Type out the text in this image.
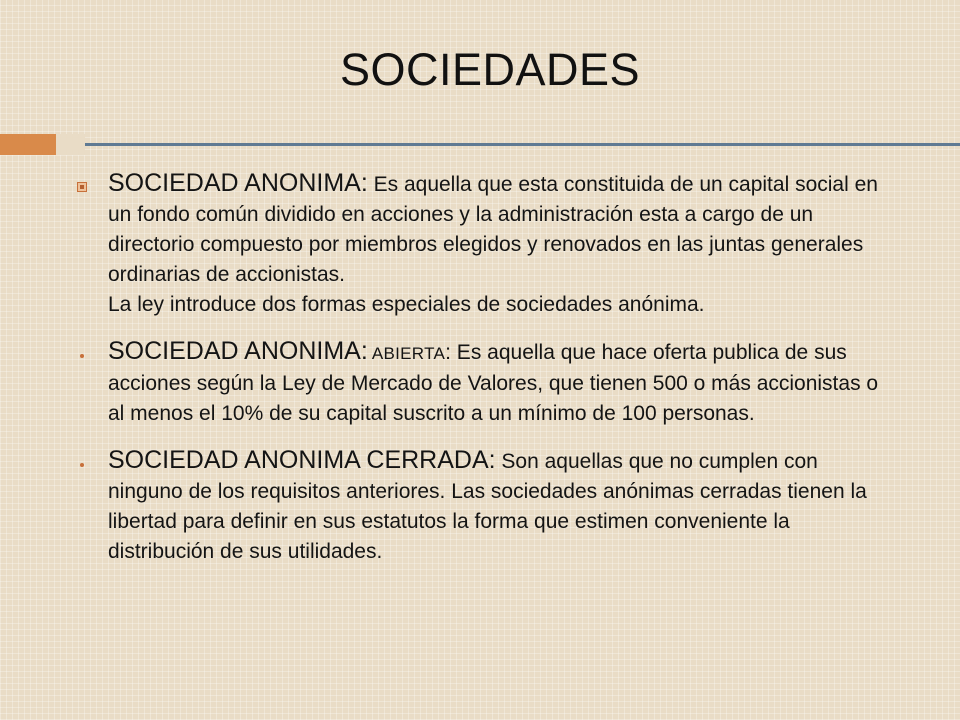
SOCIEDADES
SOCIEDAD ANONIMA: Es aquella que esta constituida de un capital social en un fondo común dividido en acciones y la administración esta a cargo de un directorio compuesto por miembros elegidos y renovados en las juntas generales ordinarias de accionistas.
La ley introduce dos formas especiales de sociedades anónima.
SOCIEDAD ANONIMA: ABIERTA: Es aquella que hace oferta publica de sus acciones según la Ley de Mercado de Valores, que tienen 500 o más accionistas o al menos el 10% de su capital suscrito a un mínimo de 100 personas.
SOCIEDAD ANONIMA CERRADA: Son aquellas que no cumplen con ninguno de los requisitos anteriores. Las sociedades anónimas cerradas tienen la libertad para definir en sus estatutos la forma que estimen conveniente la distribución de sus utilidades.
